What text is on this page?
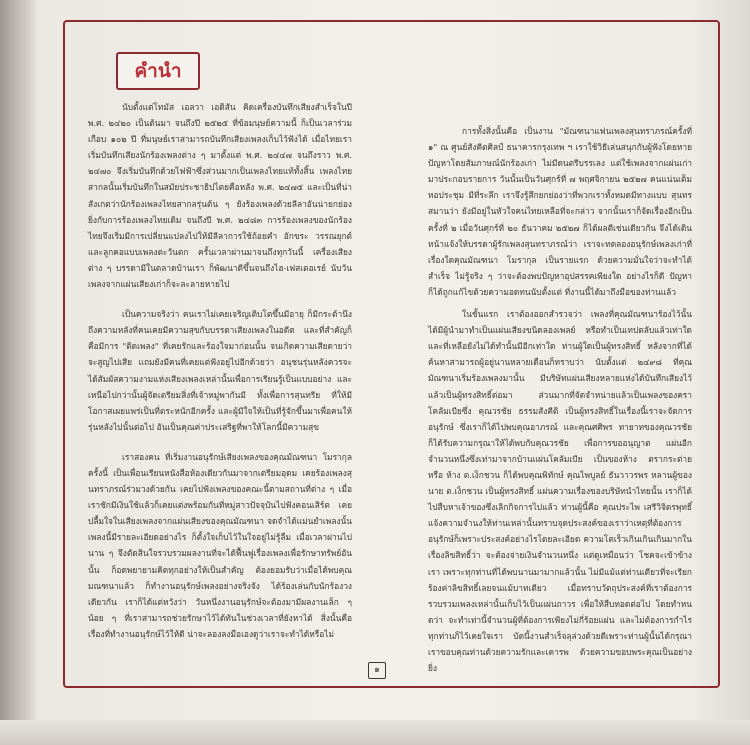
คำนำ

นับตั้งแต่โทมัส เอลวา เอดิสัน คิดเครื่องบันทึกเสียงสำเร็จในปี พ.ศ. ๒๔๒๐ เป็นต้นมา จนถึงปี ๒๕๒๕ ที่ข้อมนุษย์ความนี้ ก็เป็นเวลาร่วมเกือบ ๑๐๒ ปี ที่มนุษย์เราสามารถบันทึกเสียงเพลงเก็บไว้ฟังได้ เมื่อไทยเราเริ่มบันทึกเสียงนักร้องเพลงต่าง ๆ มาตั้งแต่ พ.ศ. ๒๔๔๗ จนถึงราว พ.ศ. ๒๔๗๐ จึงเริ่มบันทึกด้วยไฟฟ้าซึ่งส่วนมากเป็นเพลงไทยแท้ทั้งสิ้น เพลงไทยสากลนั้นเริ่มบันทึกในสมัยประชาธิปไตยคือหลัง พ.ศ. ๒๔๗๕ และเป็นที่น่าสังเกตว่านักร้องเพลงไทยสากลรุ่นต้น ๆ ยังร้องเพลงด้วยลีลาอันน่ายกย่องยิ่งกับการร้องเพลงไทยเดิม จนถึงปี พ.ศ. ๒๔๘๓ การร้องเพลงของนักร้องไทยจึงเริ่มมีการเปลี่ยนแปลงไปให้มีลีลาการใช้ถ้อยคำ อักขระ วรรณยุกต์ และลูกคอแบบเพลงตะวันตก ครั้นเวลาผ่านมาจนถึงทุกวันนี้ เครื่องเสียงต่าง ๆ บรรดามีในตลาดบ้านเรา ก็พัฒนาดีขึ้นจนถึงไฮ-เฟสเตอเรย์ นับวันเพลงจากแผ่นเสียงเก่าก็จะละลายหายไป

เป็นความจริงว่า คนเราไม่เคยเจริญเติบโตขึ้นมีอายุ ก็มีกระต้านึงถึงความหลังที่คนเคยมีความสุขกับบรรดาเสียงเพลงในอดีต และที่สำคัญก็คือมีการ "ติดเพลง" ที่เคยรักและร้องใจมาก่อนนั้น จนเกิดความเสียดายว่าจะสูญไปเสีย แถมยังมีคนที่เคยแต่ฟังอยู่ไปอีกด้วยว่า อนุชนรุ่นหลังควรจะได้สัมผัสความงามแห่งเสียงเพลงเหล่านั้นเพื่อการเรียนรู้เป็นแบบอย่าง และเหนือไปกว่านั้นผู้จัดเตรียมสิ่งที่เจ้าหมู่พากันมี ทั้งเพื่อการสุนทรีย ที่ให้มีโอกาสเผยแพร่เป็นที่ตระหนักอีกครั้ง และผู้มีใจให้เป็นที่รู้จักขึ้นมาเพื่อคนให้รุ่นหลังไปนั้นต่อไป อันเป็นคุณค่าประเสริฐที่พาให้โลกนี้มีความสุข

เราสองคน ที่เริ่มงานอนุรักษ์เสียงเพลงของคุณมัณฑนา โมรากุล ครั้งนี้ เป็นเพื่อนเรียนหนังสือห้องเดียวกันมาจากเตรียมอุดม เคยร้องเพลงสุนทราภรณ์ร่วมวงด้วยกัน เคยไปฟังเพลงของคณะนี้ตามสถานที่ต่าง ๆ เมื่อเราชักมีเงินใช้แล้วก็เคยแต่งพร้อมกันที่หมู่สาวปัจจุบันไปฟังคอนเสิร์ต เคยปลื้มใจในเสียงเพลงจากแผ่นเสียงของคุณมัณฑนา จดจำได้แม่นยำเพลงนั้นเพลงนี้มีรายละเอียดอย่างไร ก็ตั้งใจเก็บไว้ในใจอยู่ไม่รู้ลืม เมื่อเวลาผ่านไปนาน ๆ จึงตัดสินใจรวบรวมผลงานที่จะได้ฟื้นฟูเรื่องเพลงเพื่อรักษาทรัพย์อันนั้น ก็อดพยายามคิดทุกอย่างให้เป็นสำคัญ ต้องยอมรับว่าเมื่อได้พบคุณมณฑนาแล้ว ก็ทำงานอนุรักษ์เพลงอย่างจริงจัง ได้ร้องเล่นกับนักร้องวงเดียวกัน เราก็ได้แต่หวังว่า วันหนึ่งงานอนุรักษ์จะต้องมามีผลงานเล็ก ๆ น้อย ๆ ที่เราสามารถช่วยรักษาไว้ได้ทันในช่วงเวลาที่ยังหาได้ สิ่งนั้นคือเรื่องที่ทำงานอนุรักษ์ไว้ให้ดี น่าจะลองลงมือเองดูว่าเราจะทำได้หรือไม่

การทั้งสิ่งนั้นคือ เป็นงาน "มัณฑนาแฟนเพลงสุนทราภรณ์ครั้งที่ ๑" ณ ศูนย์สังคีตศิลป์ ธนาคารกรุงเทพ ฯ เราใช้วิธีเล่นสนุกกับผู้ฟังโดยหายปัญหาโดยสัมภาษณ์นักร้องเก่า ไม่มีดนตรีบรรเลง แต่ใช้เพลงจากแผ่นเก่ามาประกอบรายการ วันนั้นเป็นวันศุกร์ที่ ๗ พฤศจิกายน ๒๕๒๗ คนแน่นเต็มหอประชุม มีที่ระลึก เราจึงรู้สึกยกย่องว่าที่พวกเราทั้งหมดมีทางแบบ สุนทรสมานว่า ยังมีอยู่ในหัวใจคนไทยเหลือที่จะกล่าว จากนั้นเราก็จัดเรื่องอีกเป็นครั้งที่ ๒ เมื่อวันศุกร์ที่ ๒๐ ธันวาคม ๒๕๒๗ ก็ได้ผลตีเช่นเดียวกัน จึงได้เดินหน้าแจ้งให้บรรดาผู้รักเพลงสุนทราภรณ์ว่า เราจะทดลองอนุรักษ์เพลงเก่าที่เรื่องใดคุณมัณฑนา โมรากุล เป็นรายแรก ด้วยความมั่นใจว่าจะทำได้สำเร็จ ไม่รู้จริง ๆ ว่าจะต้องพบปัญหาอุปสรรคเพียงใด อย่างไรก็ดี ปัญหาก็ได้ถูกแก้ไขด้วยความอดทนนับตั้งแต่ ที่งานนี้ได้มาถึงมือของท่านแล้ว

ในชั้นแรก เราต้องออกสำรวจว่า เพลงที่คุณมัณฑนาร้องไว้นั้น ได้มีผู้นำมาทำเป็นแผ่นเสียงขนิดลองเพลย์ หรือทำเป็นเทปตลับแล้วเท่าใด และที่เหลือยังไม่ได้ทำนั้นมีอีกเท่าใด ท่านผู้ใดเป็นผู้ทรงสิทธิ์ หลังจากที่ได้ค้นหาสามารถผู้อยู่นานหลายเดือนก็ทราบว่า นับตั้งแต่ ๒๔๙๘ ที่คุณมัณฑนาเริ่มร้องเพลงมานั้น มีบริษัทแผ่นเสียงหลายแห่งได้บันทึกเสียงไว้แล้วเป็นผู้ทรงสิทธิ์ต่อมา ส่วนมากที่จัดจำหน่ายแล้วเป็นเพลงของคราโคลัมเบียซึ่ง คุณวรชัย ธรรมสังคีติ เป็นผู้ทรงสิทธิ์ในเรื่องนี้เราจะจัดการอนุรักษ์ ซึ่งเราก็ได้ไปพบคุณอาภรณ์ และคุณศศิพร ทายาทของคุณวรชัย ก็ได้รับความกรุณาให้ได้พบกับคุณวรชัย เพื่อการขออนุญาต แผ่นอีกจำนวนหนึ่งซึ่งเท่ามาจากบ้านแผ่นโคลัมเบีย เป็นของห้าง ตรากระต่าย หรือ ห้าง ต.เง็กชวน ก็ได้พบคุณพิทักษ์ คุณไพบูลย์ ธันวาวรพร หลานผู้ของนาย ต.เง็กชวน เป็นผู้ทรงสิทธิ์ แผ่นความเรื่องของบริษัทนำไทยนั้น เราก็ได้ไปสืบหาเจ้าของซึ่งเลิกกิจการไปแล้ว ท่านผู้นี้คือ คุณประไพ เสรีวิจิตรพุทธิ์ แจ้งความจำนงให้ท่านเหล่านั้นทราบจุดประสงค์ของเราว่าเหตุที่ต้องการอนุรักษ์ก็เพราะประสงค์อย่างไรโดยละเอียด ความโตเร็วเกินเกินเกินมากในเรื่องลิขสิทธิ์ว่า จะต้องจ่ายเงินจำนวนหนึ่ง แต่ดูเหมือนว่า โชคจะเข้าข้างเรา เพราะทุกท่านที่ได้พบนานมามากแล้วนั้น ไม่มีแม้แต่ท่านเดียวที่จะเรียกร้องค่าลิขสิทธิ์เลยจนแม้บาทเดียว เมื่อทราบวัตถุประสงค์ที่เราต้องการรวบรวมเพลงเหล่านั้นเก็บไว้เป็นแผ่นถาวร เพื่อให้สืบทอดต่อไป โดยทำหนดว่า จะทำเท่านี้จำนวนผู้ที่ต้องการเพียงไม่กี่ร้อยแผ่น และไม่ต้องการกำไร ทุกท่านก็ไว้เคยใจเรา บัดนี้งานสำเร็จลุล่วงด้วยดีเพราะท่านผู้นั้นได้กรุณา เราขอบคุณท่านด้วยความรักและเคารพ ด้วยความขอบพระคุณเป็นอย่างยิ่ง

๑
